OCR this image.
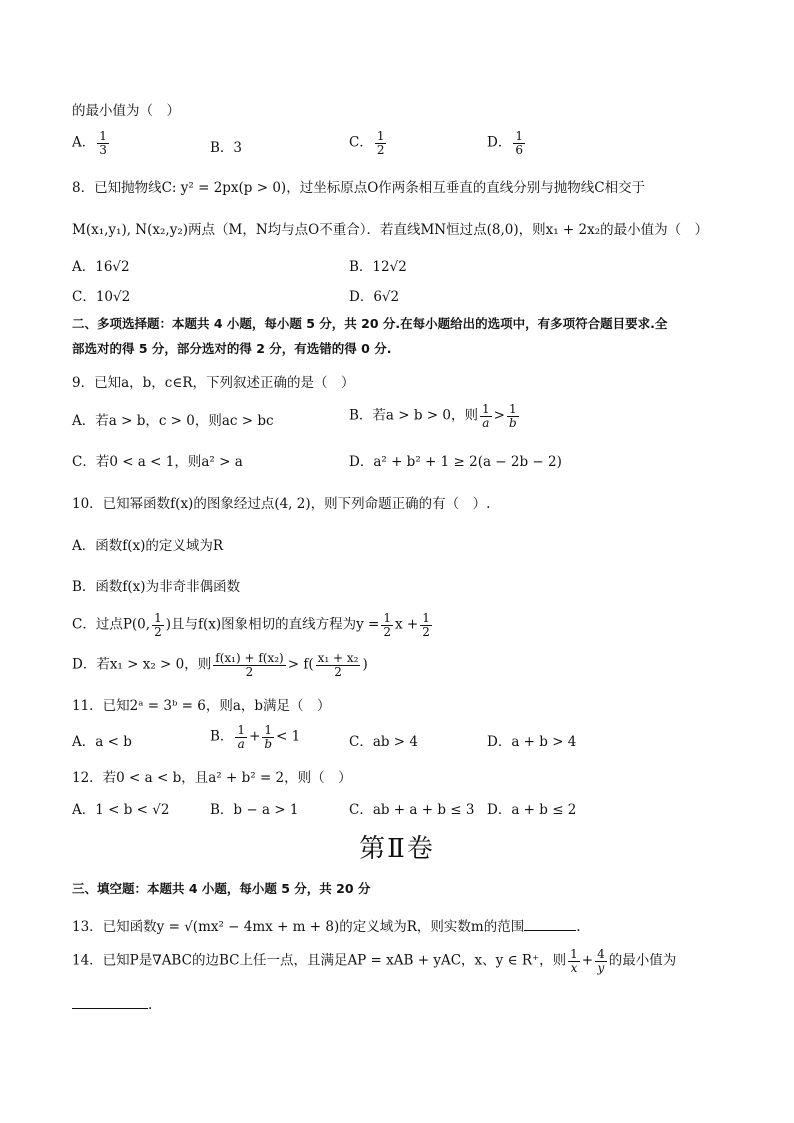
的最小值为（　）
A． $\frac{1}{3}$	B．3	C． $\frac{1}{2}$	D． $\frac{1}{6}$
8．已知抛物线C: y² = 2px(p > 0)，过坐标原点O作两条相互垂直的直线分别与抛物线C相交于
M(x₁,y₁), N(x₂,y₂)两点（M，N均与点O不重合）．若直线MN恒过点(8,0)，则x₁ + 2x₂的最小值为（　）
A．16√2	B．12√2
C．10√2	D．6√2
二、多项选择题：本题共 4 小题，每小题 5 分，共 20 分.在每小题给出的选项中，有多项符合题目要求.全
部选对的得 5 分，部分选对的得 2 分，有选错的得 0 分.
9．已知a，b，c∈R，下列叙述正确的是（　）
A．若a > b，c > 0，则ac > bc	B．若a > b > 0，则 $\frac{1}{a} > \frac{1}{b}$
C．若0 < a < 1，则a² > a	D．a² + b² + 1 ≥ 2(a − 2b − 2)
10．已知幂函数f(x)的图象经过点(4, 2)，则下列命题正确的有（　）.
A．函数f(x)的定义域为R
B．函数f(x)为非奇非偶函数
C．过点P(0, $\frac{1}{2}$ )且与f(x)图象相切的直线方程为$y = \frac{1}{2}$ $x + \frac{1}{2}$
D．若x₁ > x₂ > 0，则 $\frac{\text{f(x₁) + f(x₂)}}{2} > f( \frac{\text{x₁ + x₂}}{2}$ )
11．已知2ᵃ = 3ᵇ = 6，则a，b满足（　）
A．a < b	B． $\frac{1}{a} + \frac{1}{b} < 1$	C．ab > 4	D．a + b > 4
12．若0 < a < b，且a² + b² = 2，则（　）
A．1 < b < √2	B．b − a > 1	C．ab + a + b ≤ 3 D．a + b ≤ 2
第Ⅱ卷
三、填空题：本题共 4 小题，每小题 5 分，共 20 分
13．已知函数y = √(mx² − 4mx + m + 8)的定义域为R，则实数m的范围	.
14．已知P是∇ABC的边BC上任一点，且满足AP = xAB + yAC，x、y ∈ R⁺，则 $\frac{1}{x} + \frac{4}{y}$ 的最小值为
.
